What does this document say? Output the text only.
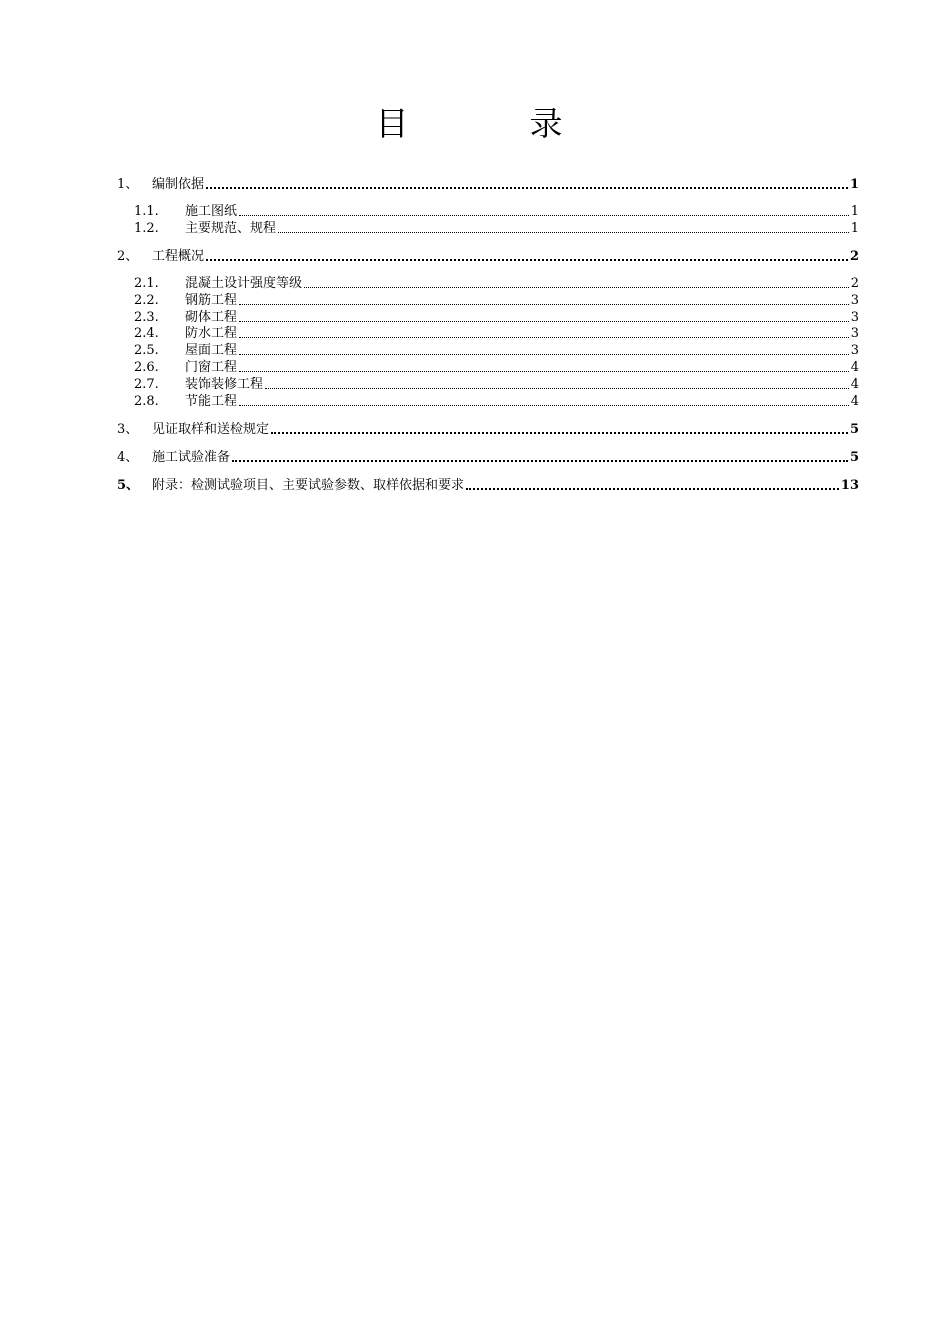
目　录
1、	编制依据	1
1.1.	施工图纸	1
1.2.	主要规范、规程	1
2、	工程概况	2
2.1.	混凝土设计强度等级	2
2.2.	钢筋工程	3
2.3.	砌体工程	3
2.4.	防水工程	3
2.5.	屋面工程	3
2.6.	门窗工程	4
2.7.	装饰装修工程	4
2.8.	节能工程	4
3、	见证取样和送检规定	5
4、	施工试验准备	5
5、 附录：检测试验项目、主要试验参数、取样依据和要求	13
